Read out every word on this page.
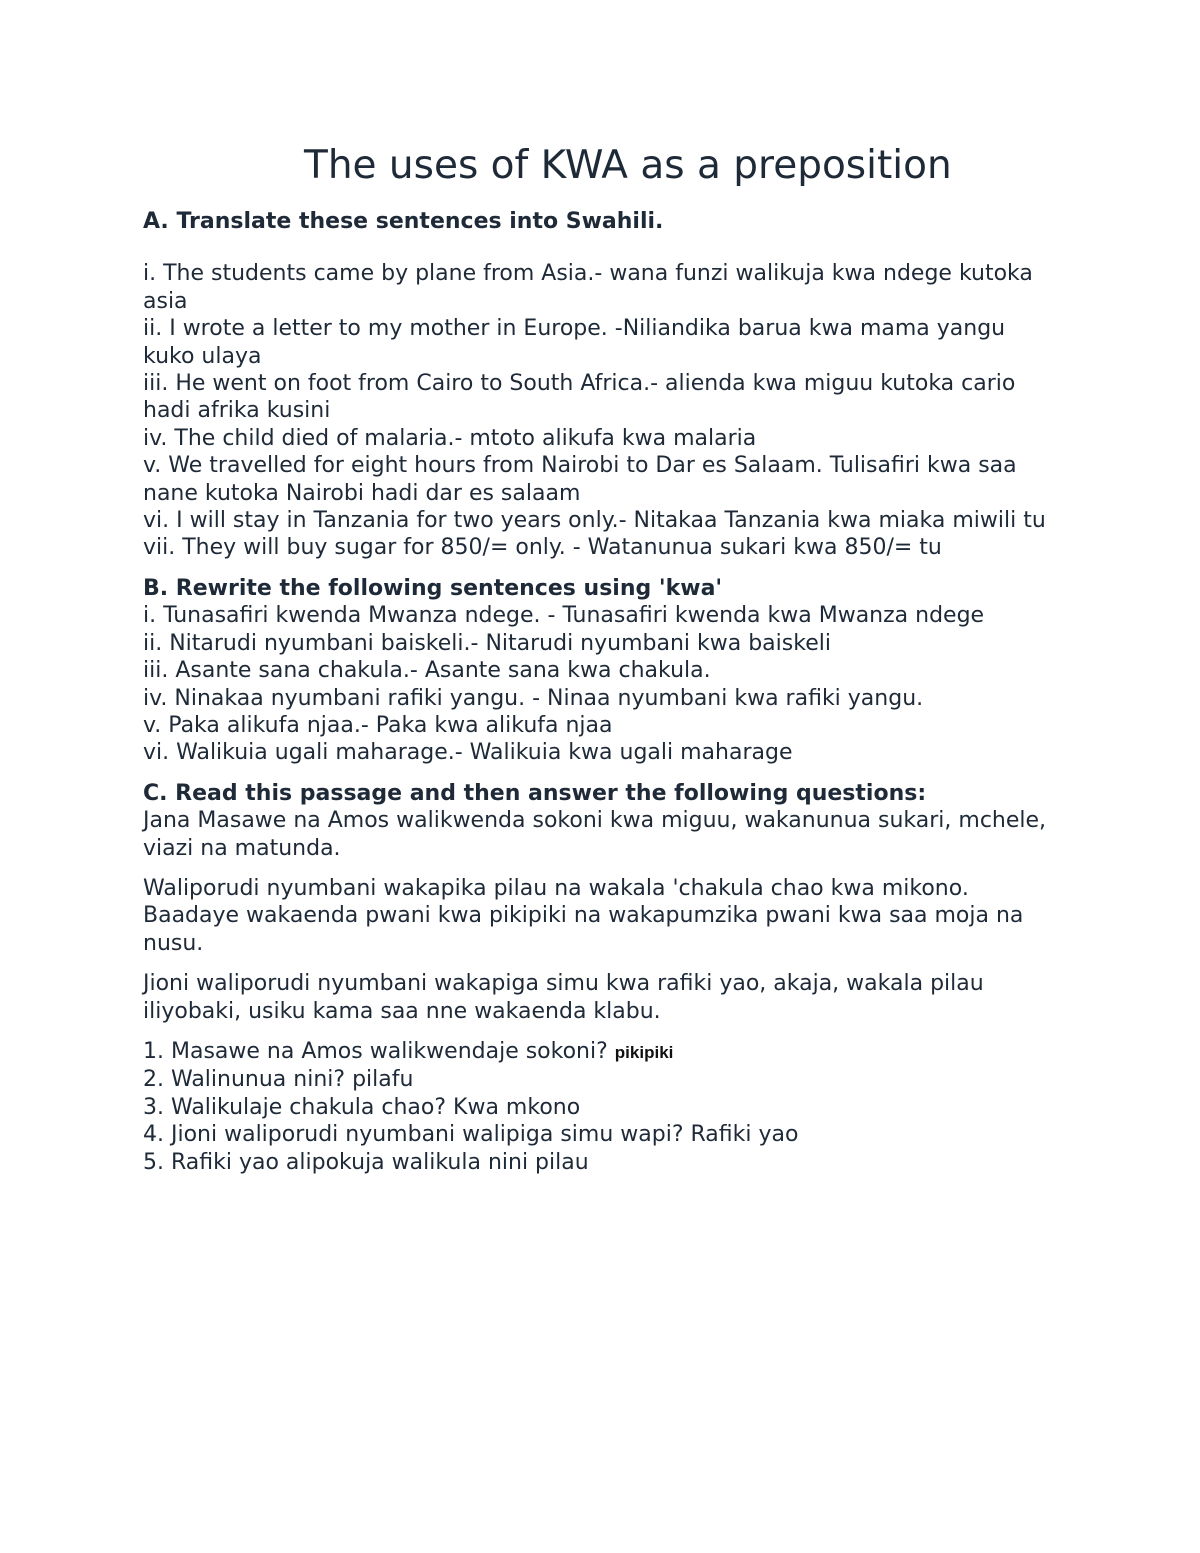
The uses of KWA as a preposition

A. Translate these sentences into Swahili.

i. The students came by plane from Asia.- wana funzi walikuja kwa ndege kutoka asia

ii. I wrote a letter to my mother in Europe. -Niliandika barua kwa mama yangu kuko ulaya

iii. He went on foot from Cairo to South Africa.- alienda kwa miguu kutoka cario hadi afrika kusini

iv. The child died of malaria.- mtoto alikufa kwa malaria

v. We travelled for eight hours from Nairobi to Dar es Salaam. Tulisafiri kwa saa nane kutoka Nairobi hadi dar es salaam

vi. I will stay in Tanzania for two years only.- Nitakaa Tanzania kwa miaka miwili tu

vii. They will buy sugar for 850/= only. - Watanunua sukari kwa 850/= tu

B. Rewrite the following sentences using 'kwa'

i. Tunasafiri kwenda Mwanza ndege. - Tunasafiri kwenda kwa Mwanza ndege

ii. Nitarudi nyumbani baiskeli.- Nitarudi nyumbani kwa baiskeli

iii. Asante sana chakula.- Asante sana kwa chakula.

iv. Ninakaa nyumbani rafiki yangu. - Ninaa nyumbani kwa rafiki yangu.

v. Paka alikufa njaa.- Paka kwa alikufa njaa

vi. Walikuia ugali maharage.- Walikuia kwa ugali maharage

C. Read this passage and then answer the following questions:

Jana Masawe na Amos walikwenda sokoni kwa miguu, wakanunua sukari, mchele, viazi na matunda.

Waliporudi nyumbani wakapika pilau na wakala 'chakula chao kwa mikono. Baadaye wakaenda pwani kwa pikipiki na wakapumzika pwani kwa saa moja na nusu.

Jioni waliporudi nyumbani wakapiga simu kwa rafiki yao, akaja, wakala pilau iliyobaki, usiku kama saa nne wakaenda klabu.

1. Masawe na Amos walikwendaje sokoni? pikipiki

2. Walinunua nini? pilafu

3. Walikulaje chakula chao? Kwa mkono

4. Jioni waliporudi nyumbani walipiga simu wapi? Rafiki yao

5. Rafiki yao alipokuja walikula nini pilau
